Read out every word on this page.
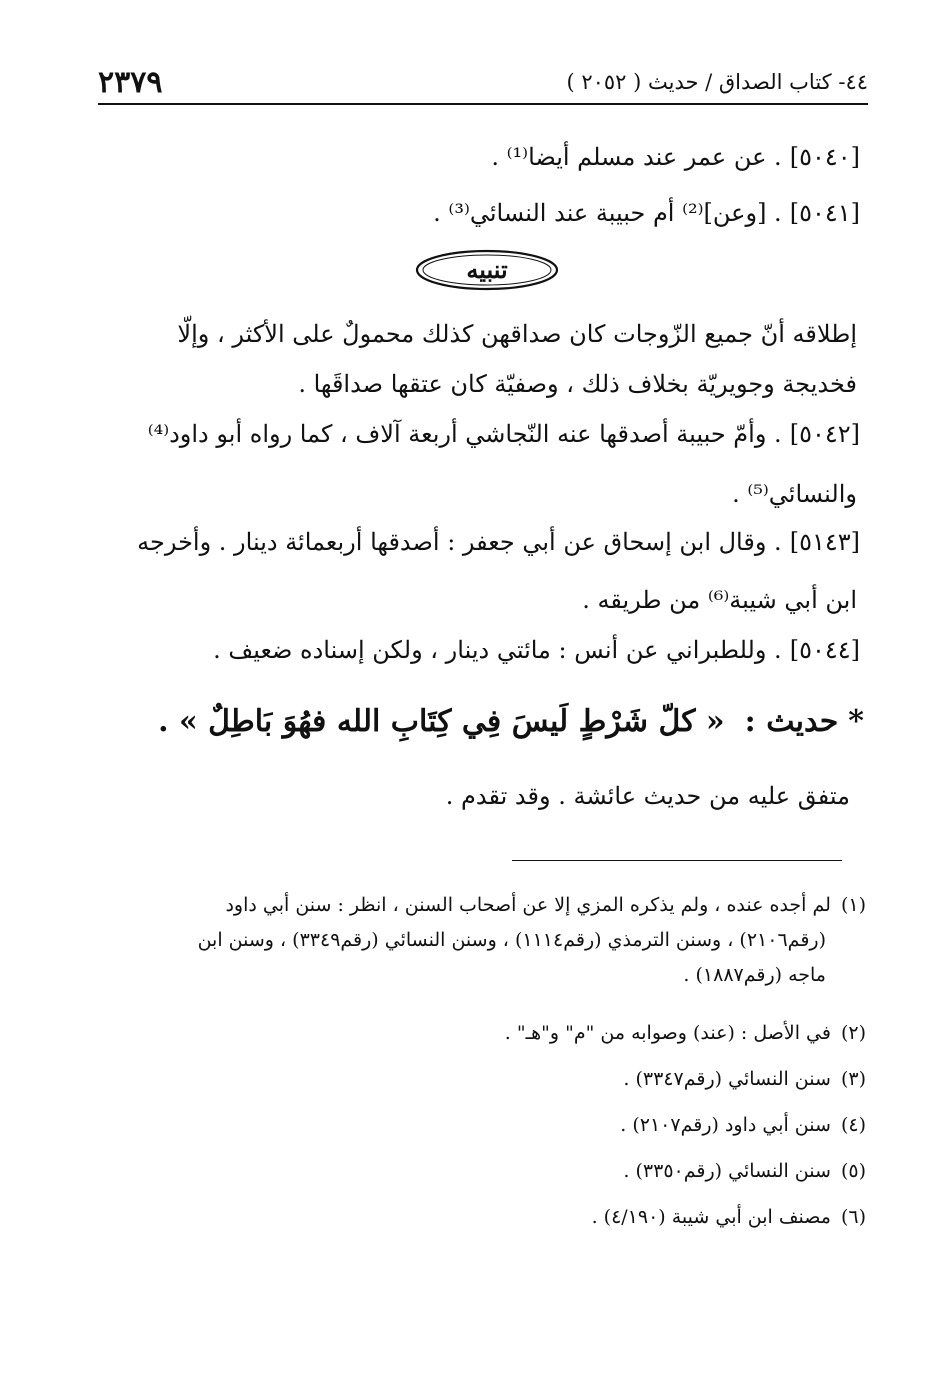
٢٣٧٩	٤٤- كتاب الصداق / حديث ( ٢٠٥٢ )
[٥٠٤٠]. عن عمر عند مسلم أيضا⁽¹⁾ .
[٥٠٤١]. [وعن]⁽²⁾ أم حبيبة عند النسائي⁽³⁾ .
تنبيه
إطلاقه أنّ جميع الزّوجات كان صداقهن كذلك محمولٌ على الأكثر ، وإلّا
فخديجة وجويريّة بخلاف ذلك ، وصفيّة كان عتقها صداقَها .
[٥٠٤٢]. وأمّ حبيبة أصدقها عنه النّجاشي أربعة آلاف ، كما رواه أبو داود⁽⁴⁾
والنسائي⁽⁵⁾ .
[٥١٤٣]. وقال ابن إسحاق عن أبي جعفر : أصدقها أربعمائة دينار . وأخرجه
ابن أبي شيبة⁽⁶⁾ من طريقه .
[٥٠٤٤]. وللطبراني عن أنس : مائتي دينار ، ولكن إسناده ضعيف .
*حديث :« كلّ شَرْطٍ لَيسَ فِي كِتَابِ الله فهُوَ بَاطِلٌ » .
متفق عليه من حديث عائشة . وقد تقدم .
(١)لم أجده عنده ، ولم يذكره المزي إلا عن أصحاب السنن ، انظر : سنن أبي داود
(رقم٢١٠٦) ، وسنن الترمذي (رقم١١١٤) ، وسنن النسائي (رقم٣٣٤٩) ، وسنن ابن
ماجه (رقم١٨٨٧) .
(٢)في الأصل : (عند) وصوابه من "م" و"هـ" .
(٣)سنن النسائي (رقم٣٣٤٧) .
(٤)سنن أبي داود (رقم٢١٠٧) .
(٥)سنن النسائي (رقم٣٣٥٠) .
(٦)مصنف ابن أبي شيبة (٤/١٩٠) .
